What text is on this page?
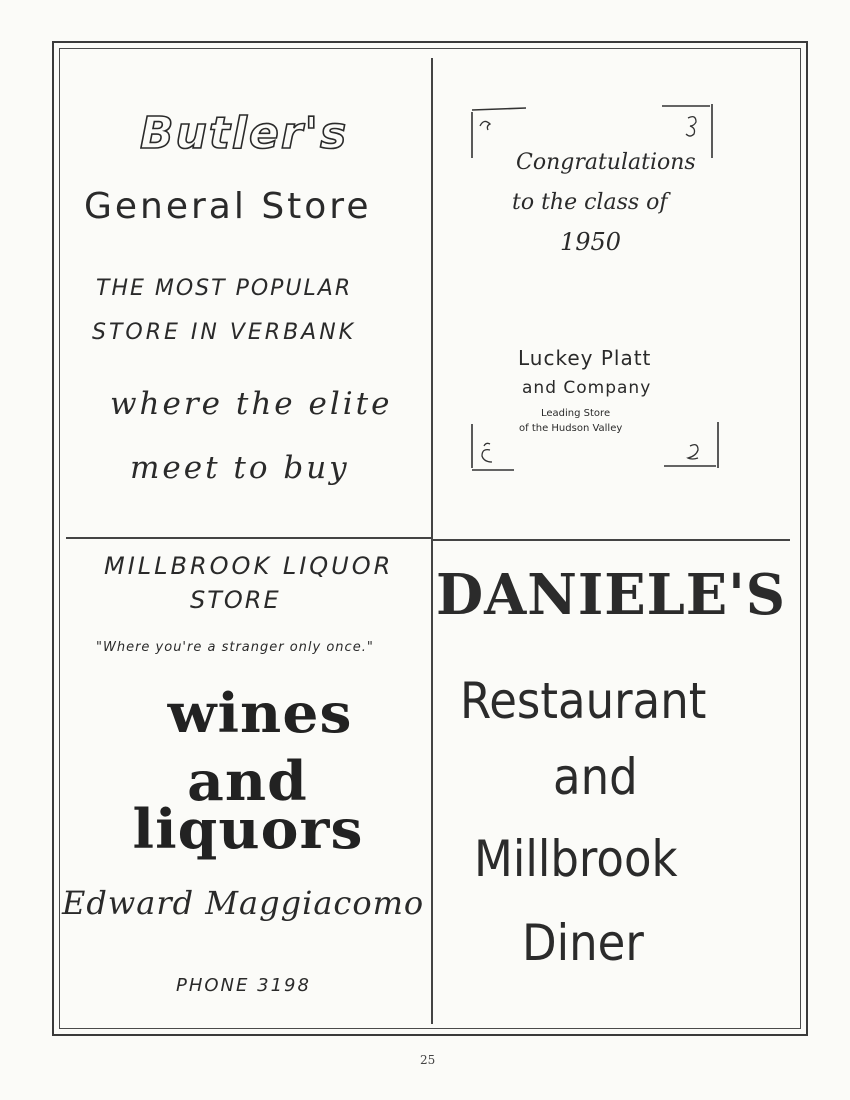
Butler's

General Store

THE MOST POPULAR

STORE IN VERBANK

where the elite

meet to buy

Congratulations

to the class of

1950

Luckey Platt

and Company

Leading Store

of the Hudson Valley

MILLBROOK LIQUOR

STORE

"Where you're a stranger only once."

wines

and

liquors

Edward Maggiacomo

PHONE 3198

DANIELE'S

Restaurant

and

Millbrook

Diner

25
